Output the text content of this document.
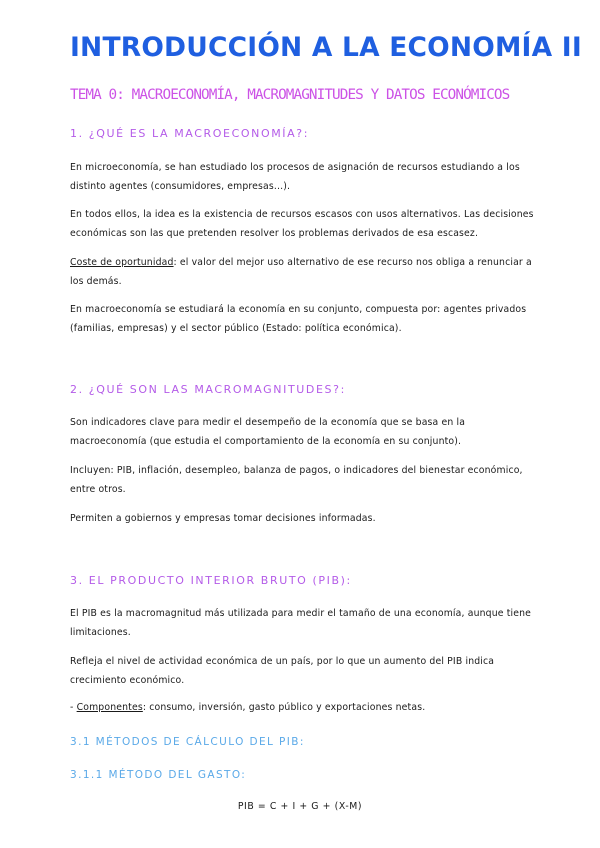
INTRODUCCIÓN A LA ECONOMÍA II
TEMA 0: MACROECONOMÍA, MACROMAGNITUDES Y DATOS ECONÓMICOS
1. ¿QUÉ ES LA MACROECONOMÍA?:

En microeconomía, se han estudiado los procesos de asignación de recursos estudiando a los distinto agentes (consumidores, empresas...).

En todos ellos, la idea es la existencia de recursos escasos con usos alternativos. Las decisiones económicas son las que pretenden resolver los problemas derivados de esa escasez.

Coste de oportunidad: el valor del mejor uso alternativo de ese recurso nos obliga a renunciar a los demás.

En macroeconomía se estudiará la economía en su conjunto, compuesta por: agentes privados (familias, empresas) y el sector público (Estado: política económica).

2. ¿QUÉ SON LAS MACROMAGNITUDES?:

Son indicadores clave para medir el desempeño de la economía que se basa en la macroeconomía (que estudia el comportamiento de la economía en su conjunto).

Incluyen: PIB, inflación, desempleo, balanza de pagos, o indicadores del bienestar económico, entre otros.

Permiten a gobiernos y empresas tomar decisiones informadas.

3. EL PRODUCTO INTERIOR BRUTO (PIB):

El PIB es la macromagnitud más utilizada para medir el tamaño de una economía, aunque tiene limitaciones.

Refleja el nivel de actividad económica de un país, por lo que un aumento del PIB indica crecimiento económico.

- Componentes: consumo, inversión, gasto público y exportaciones netas.

3.1 MÉTODOS DE CÁLCULO DEL PIB:
3.1.1 MÉTODO DEL GASTO:
PIB = C + I + G + (X-M)
